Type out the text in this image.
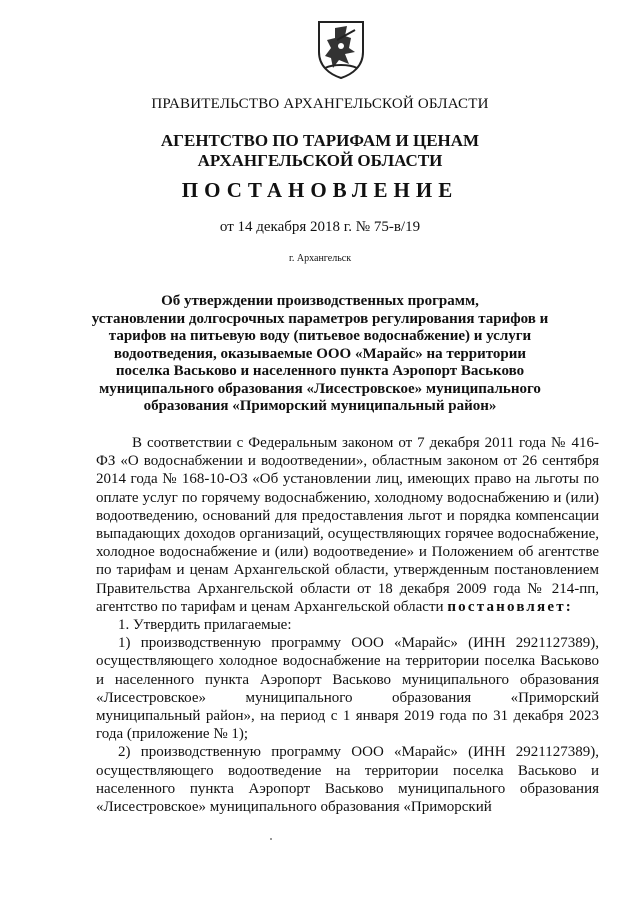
ПРАВИТЕЛЬСТВО АРХАНГЕЛЬСКОЙ ОБЛАСТИ
АГЕНТСТВО ПО ТАРИФАМ И ЦЕНАМ
АРХАНГЕЛЬСКОЙ ОБЛАСТИ
ПОСТАНОВЛЕНИЕ
от 14 декабря 2018 г. № 75-в/19
г. Архангельск
Об утверждении производственных программ,
установлении долгосрочных параметров регулирования тарифов и
тарифов на питьевую воду (питьевое водоснабжение) и услуги
водоотведения, оказываемые ООО «Марайс» на территории
поселка Васьково и населенного пункта Аэропорт Васьково
муниципального образования «Лисестровское» муниципального
образования «Приморский муниципальный район»

В соответствии с Федеральным законом от 7 декабря 2011 года № 416-ФЗ «О водоснабжении и водоотведении», областным законом от 26 сентября 2014 года № 168-10-ОЗ «Об установлении лиц, имеющих право на льготы по оплате услуг по горячему водоснабжению, холодному водоснабжению и (или) водоотведению, оснований для предоставления льгот и порядка компенсации выпадающих доходов организаций, осуществляющих горячее водоснабжение, холодное водоснабжение и (или) водоотведение» и Положением об агентстве по тарифам и ценам Архангельской области, утвержденным постановлением Правительства Архангельской области от 18 декабря 2009 года № 214-пп, агентство по тарифам и ценам Архангельской области постановляет:

1. Утвердить прилагаемые:

1) производственную программу ООО «Марайс» (ИНН 2921127389), осуществляющего холодное водоснабжение на территории поселка Васьково и населенного пункта Аэропорт Васьково муниципального образования «Лисестровское» муниципального образования «Приморский муниципальный район», на период с 1 января 2019 года по 31 декабря 2023 года (приложение № 1);

2) производственную программу ООО «Марайс» (ИНН 2921127389), осуществляющего водоотведение на территории поселка Васьково и населенного пункта Аэропорт Васьково муниципального образования «Лисестровское» муниципального образования «Приморский
